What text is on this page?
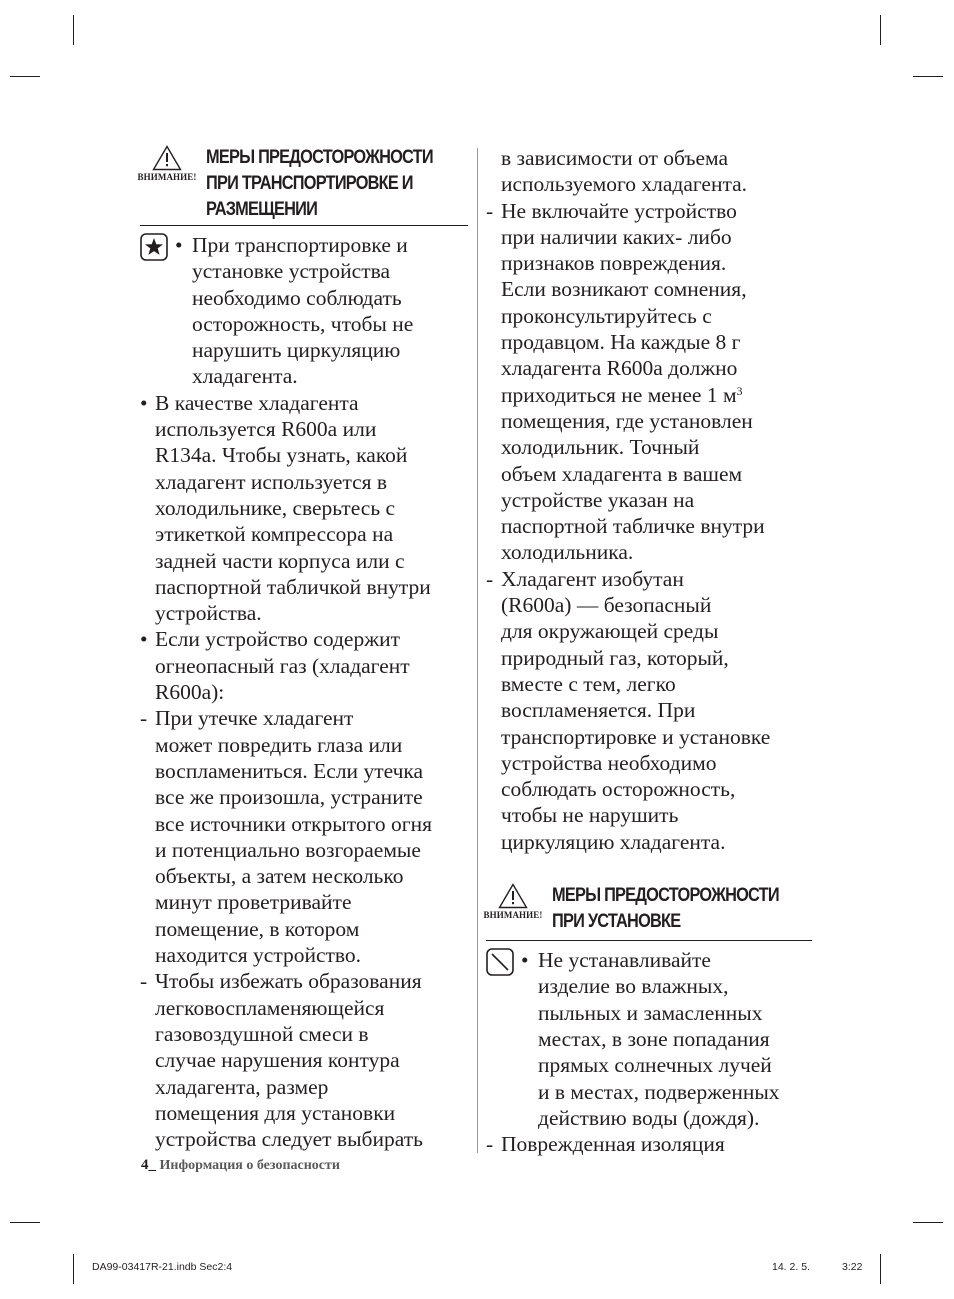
ВНИМАНИЕ!
МЕРЫ ПРЕДОСТОРОЖНОСТИ
ПРИ ТРАНСПОРТИРОВКЕ И
РАЗМЕЩЕНИИ
• При транспортировке и
установке устройства
необходимо соблюдать
осторожность, чтобы не
нарушить циркуляцию
хладагента.
• В качестве хладагента
используется R600a или
R134a. Чтобы узнать, какой
хладагент используется в
холодильнике, сверьтесь с
этикеткой компрессора на
задней части корпуса или с
паспортной табличкой внутри
устройства.
• Если устройство содержит
огнеопасный газ (хладагент
R600a):
- При утечке хладагент
может повредить глаза или
воспламениться. Если утечка
все же произошла, устраните
все источники открытого огня
и потенциально возгораемые
объекты, а затем несколько
минут проветривайте
помещение, в котором
находится устройство.
- Чтобы избежать образования
легковоспламеняющейся
газовоздушной смеси в
случае нарушения контура
хладагента, размер
помещения для установки
устройства следует выбирать
в зависимости от объема
используемого хладагента.
- Не включайте устройство
при наличии каких- либо
признаков повреждения.
Если возникают сомнения,
проконсультируйтесь с
продавцом. На каждые 8 г
хладагента R600a должно
приходиться не менее 1 $м^3$
помещения, где установлен
холодильник. Точный
объем хладагента в вашем
устройстве указан на
паспортной табличке внутри
холодильника.
- Хладагент изобутан
(R600a) — безопасный
для окружающей среды
природный газ, который,
вместе с тем, легко
воспламеняется. При
транспортировке и установке
устройства необходимо
соблюдать осторожность,
чтобы не нарушить
циркуляцию хладагента.
ВНИМАНИЕ!
МЕРЫ ПРЕДОСТОРОЖНОСТИ
ПРИ УСТАНОВКЕ
• Не устанавливайте
изделие во влажных,
пыльных и замасленных
местах, в зоне попадания
прямых солнечных лучей
и в местах, подверженных
действию воды (дождя).
- Поврежденная изоляция
4_ Информация о безопасности
DA99-03417R-21.indb Sec2:4	14. 2. 5.	3:22
